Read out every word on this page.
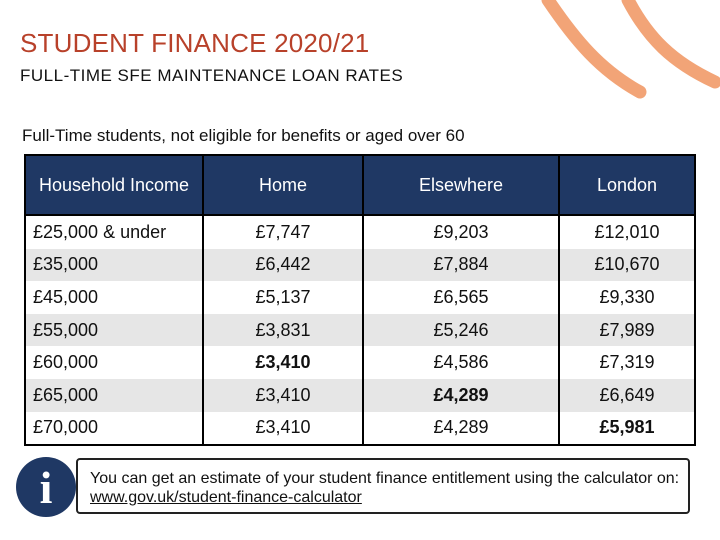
STUDENT FINANCE 2020/21
FULL-TIME SFE MAINTENANCE LOAN RATES
Full-Time students, not eligible for benefits or aged over 60
Household Income	Home	Elsewhere	London
£25,000 & under	£7,747	£9,203	£12,010
£35,000	£6,442	£7,884	£10,670
£45,000	£5,137	£6,565	£9,330
£55,000	£3,831	£5,246	£7,989
£60,000	£3,410	£4,586	£7,319
£65,000	£3,410	£4,289	£6,649
£70,000	£3,410	£4,289	£5,981
i	You can get an estimate of your student finance entitlement using the calculator on: www.gov.uk/student-finance-calculator
